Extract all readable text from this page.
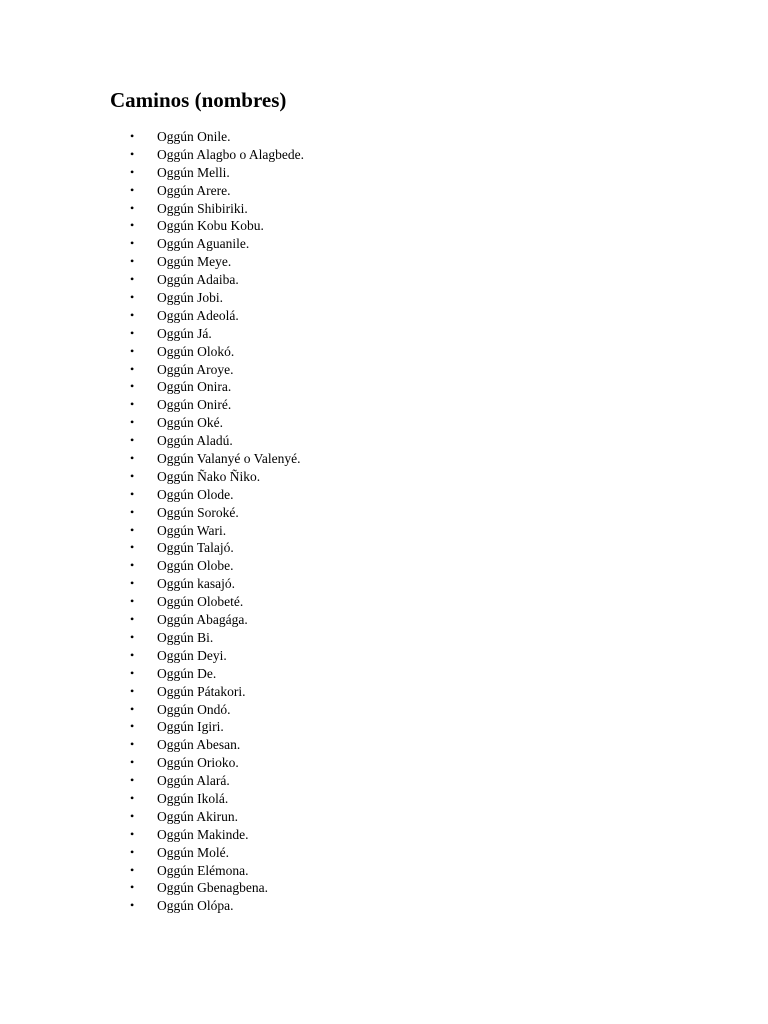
Caminos (nombres)
• Oggún Onile.
• Oggún Alagbo o Alagbede.
• Oggún Melli.
• Oggún Arere.
• Oggún Shibiriki.
• Oggún Kobu Kobu.
• Oggún Aguanile.
• Oggún Meye.
• Oggún Adaiba.
• Oggún Jobi.
• Oggún Adeolá.
• Oggún Já.
• Oggún Olokó.
• Oggún Aroye.
• Oggún Onira.
• Oggún Oniré.
• Oggún Oké.
• Oggún Aladú.
• Oggún Valanyé o Valenyé.
• Oggún Ñako Ñiko.
• Oggún Olode.
• Oggún Soroké.
• Oggún Wari.
• Oggún Talajó.
• Oggún Olobe.
• Oggún kasajó.
• Oggún Olobeté.
• Oggún Abagága.
• Oggún Bi.
• Oggún Deyi.
• Oggún De.
• Oggún Pátakori.
• Oggún Ondó.
• Oggún Igiri.
• Oggún Abesan.
• Oggún Orioko.
• Oggún Alará.
• Oggún Ikolá.
• Oggún Akirun.
• Oggún Makinde.
• Oggún Molé.
• Oggún Elémona.
• Oggún Gbenagbena.
• Oggún Olópa.
